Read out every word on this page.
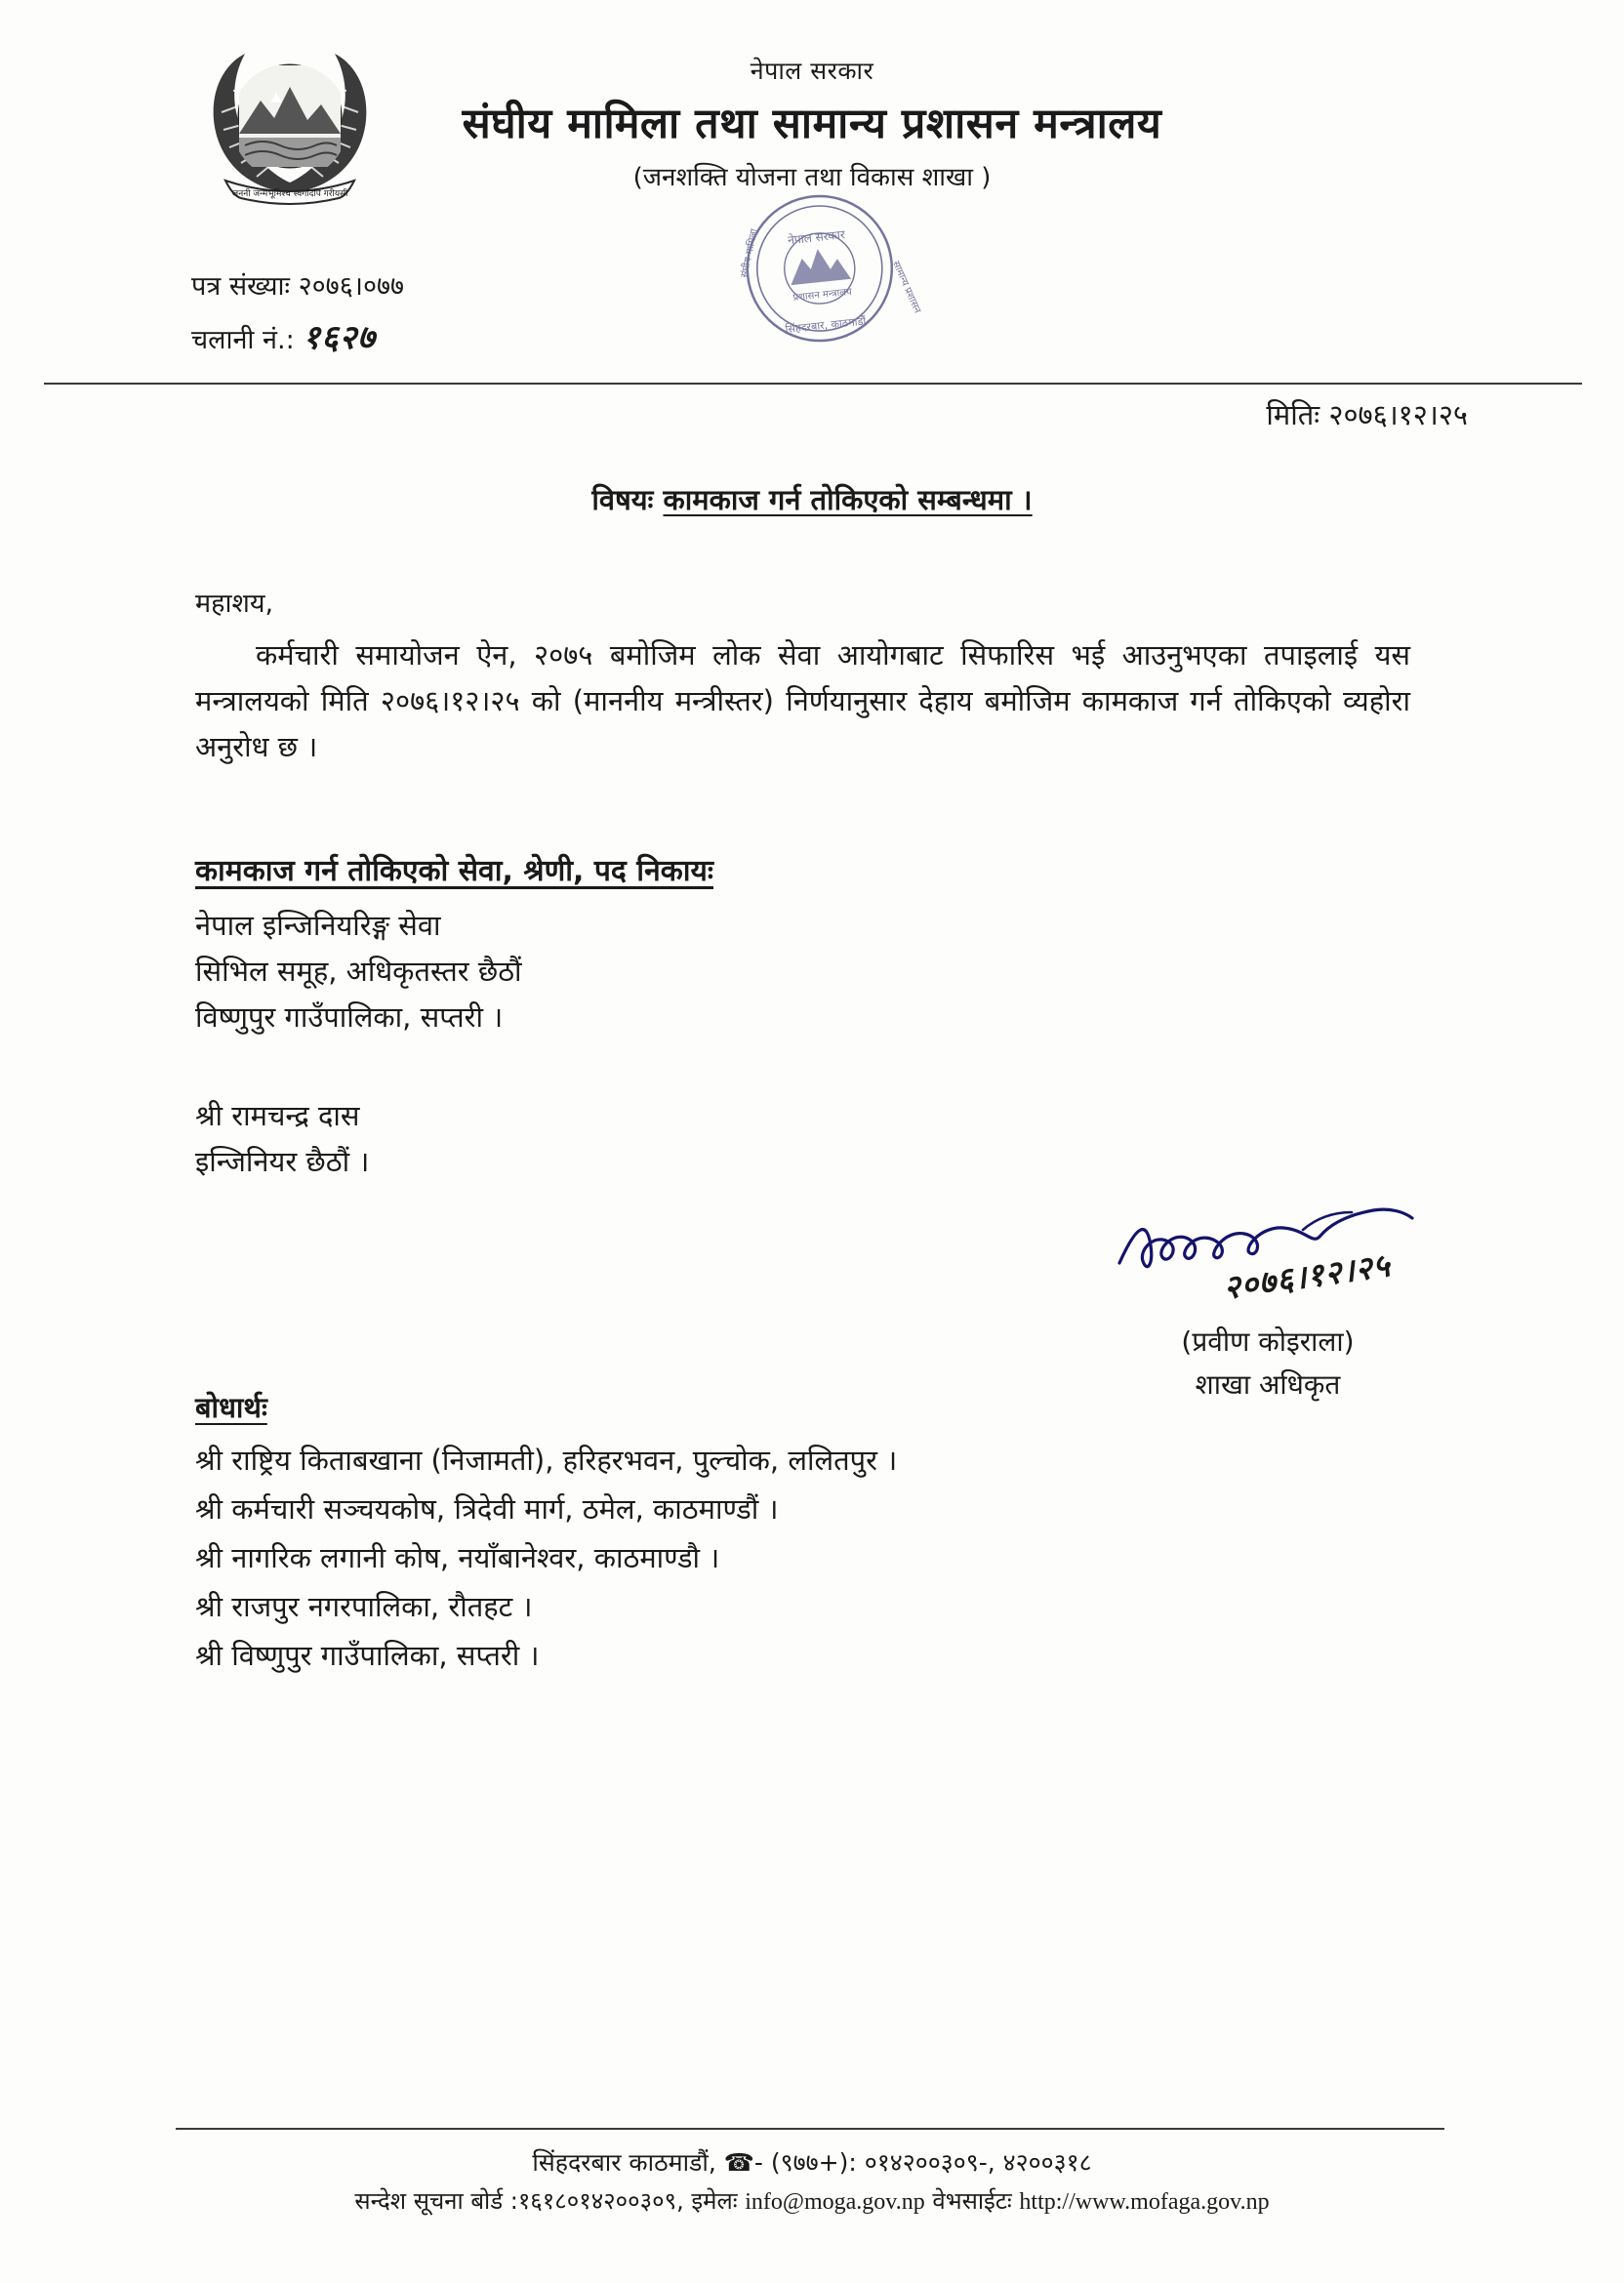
जननी जन्मभूमिश्च स्वर्गादपि गरीयसी
नेपाल सरकार
संघीय मामिला तथा सामान्य प्रशासन मन्त्रालय
(जनशक्ति योजना तथा विकास शाखा )
नेपाल सरकार
प्रशासन मन्त्रालय
सिंहदरबार, काठमाडौं
संघीय मामिला
सामान्य प्रशासन
पत्र संख्याः २०७६।०७७
चलानी नं.: १६२७
मितिः २०७६।१२।२५
विषयः कामकाज गर्न तोकिएको सम्बन्धमा ।
महाशय,
कर्मचारी समायोजन ऐन, २०७५ बमोजिम लोक सेवा आयोगबाट सिफारिस भई आउनुभएका तपाइलाई यस मन्त्रालयको मिति २०७६।१२।२५ को (माननीय मन्त्रीस्तर) निर्णयानुसार देहाय बमोजिम कामकाज गर्न तोकिएको व्यहोरा अनुरोध छ ।
कामकाज गर्न तोकिएको सेवा, श्रेणी, पद निकायः
नेपाल इन्जिनियरिङ्ग सेवा
सिभिल समूह, अधिकृतस्तर छैठौं
विष्णुपुर गाउँपालिका, सप्तरी ।
श्री रामचन्द्र दास
इन्जिनियर छैठौं ।
२०७६।१२।२५
(प्रवीण कोइराला)
शाखा अधिकृत
बोधार्थः
श्री राष्ट्रिय किताबखाना (निजामती), हरिहरभवन, पुल्चोक, ललितपुर ।
श्री कर्मचारी सञ्चयकोष, त्रिदेवी मार्ग, ठमेल, काठमाण्डौं ।
श्री नागरिक लगानी कोष, नयाँबानेश्वर, काठमाण्डौ ।
श्री राजपुर नगरपालिका, रौतहट ।
श्री विष्णुपुर गाउँपालिका, सप्तरी ।
सिंहदरबार काठमाडौं, ☎- (९७७+): ०१४२००३०९-, ४२००३१८
सन्देश सूचना बोर्ड :१६१८०१४२००३०९, इमेलः info@moga.gov.np वेभसाईटः http://www.mofaga.gov.np
